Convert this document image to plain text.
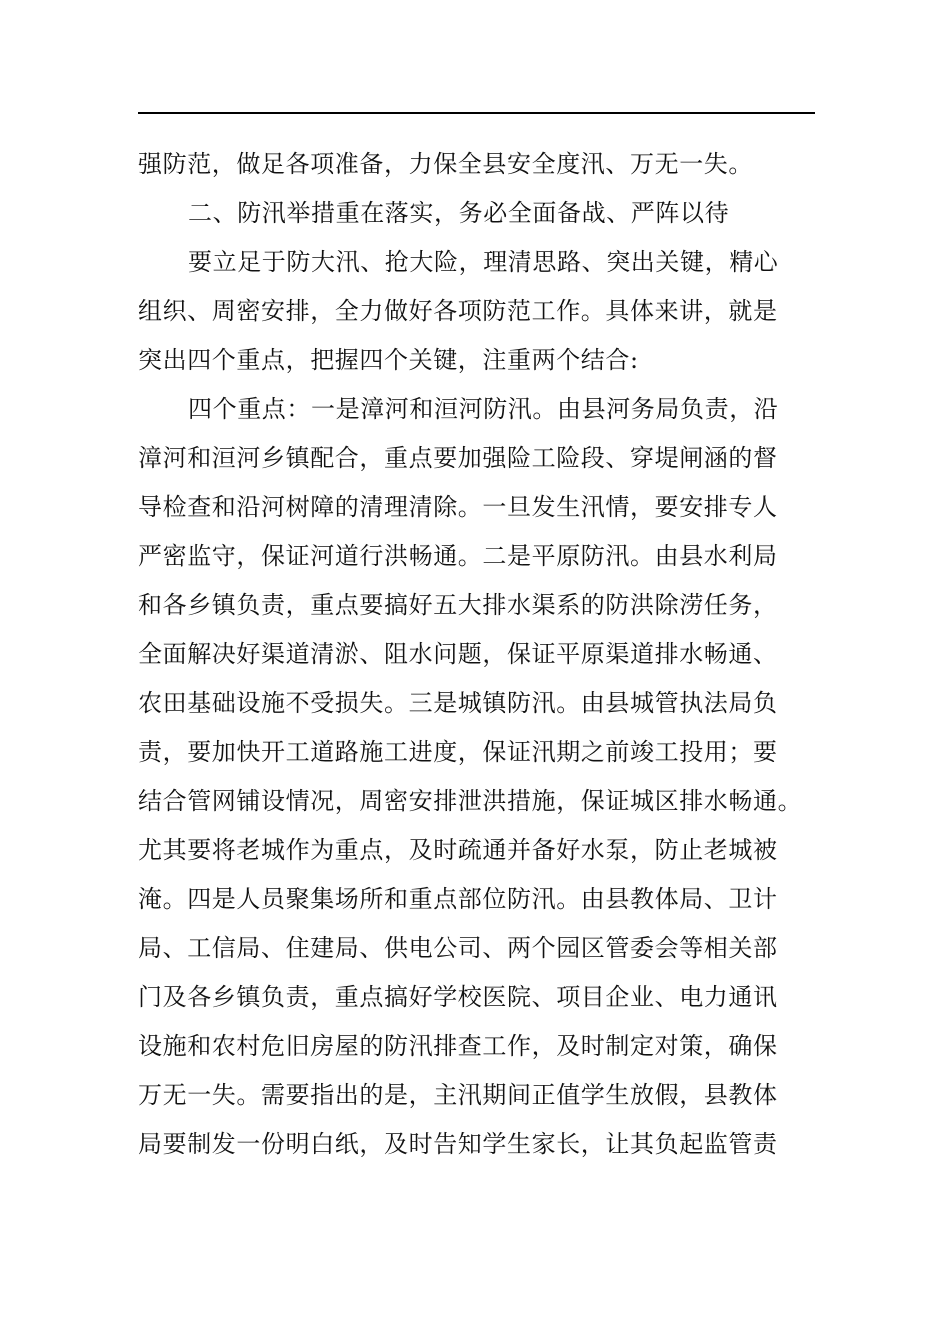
强防范，做足各项准备，力保全县安全度汛、万无一失。
二、防汛举措重在落实，务必全面备战、严阵以待
要立足于防大汛、抢大险，理清思路、突出关键，精心
组织、周密安排，全力做好各项防范工作。具体来讲，就是
突出四个重点，把握四个关键，注重两个结合:
四个重点：一是漳河和洹河防汛。由县河务局负责，沿
漳河和洹河乡镇配合，重点要加强险工险段、穿堤闸涵的督
导检查和沿河树障的清理清除。一旦发生汛情，要安排专人
严密监守，保证河道行洪畅通。二是平原防汛。由县水利局
和各乡镇负责，重点要搞好五大排水渠系的防洪除涝任务，
全面解决好渠道清淤、阻水问题，保证平原渠道排水畅通、
农田基础设施不受损失。三是城镇防汛。由县城管执法局负
责，要加快开工道路施工进度，保证汛期之前竣工投用；要
结合管网铺设情况，周密安排泄洪措施，保证城区排水畅通。
尤其要将老城作为重点，及时疏通并备好水泵，防止老城被
淹。四是人员聚集场所和重点部位防汛。由县教体局、卫计
局、工信局、住建局、供电公司、两个园区管委会等相关部
门及各乡镇负责，重点搞好学校医院、项目企业、电力通讯
设施和农村危旧房屋的防汛排查工作，及时制定对策，确保
万无一失。需要指出的是，主汛期间正值学生放假，县教体
局要制发一份明白纸，及时告知学生家长，让其负起监管责
